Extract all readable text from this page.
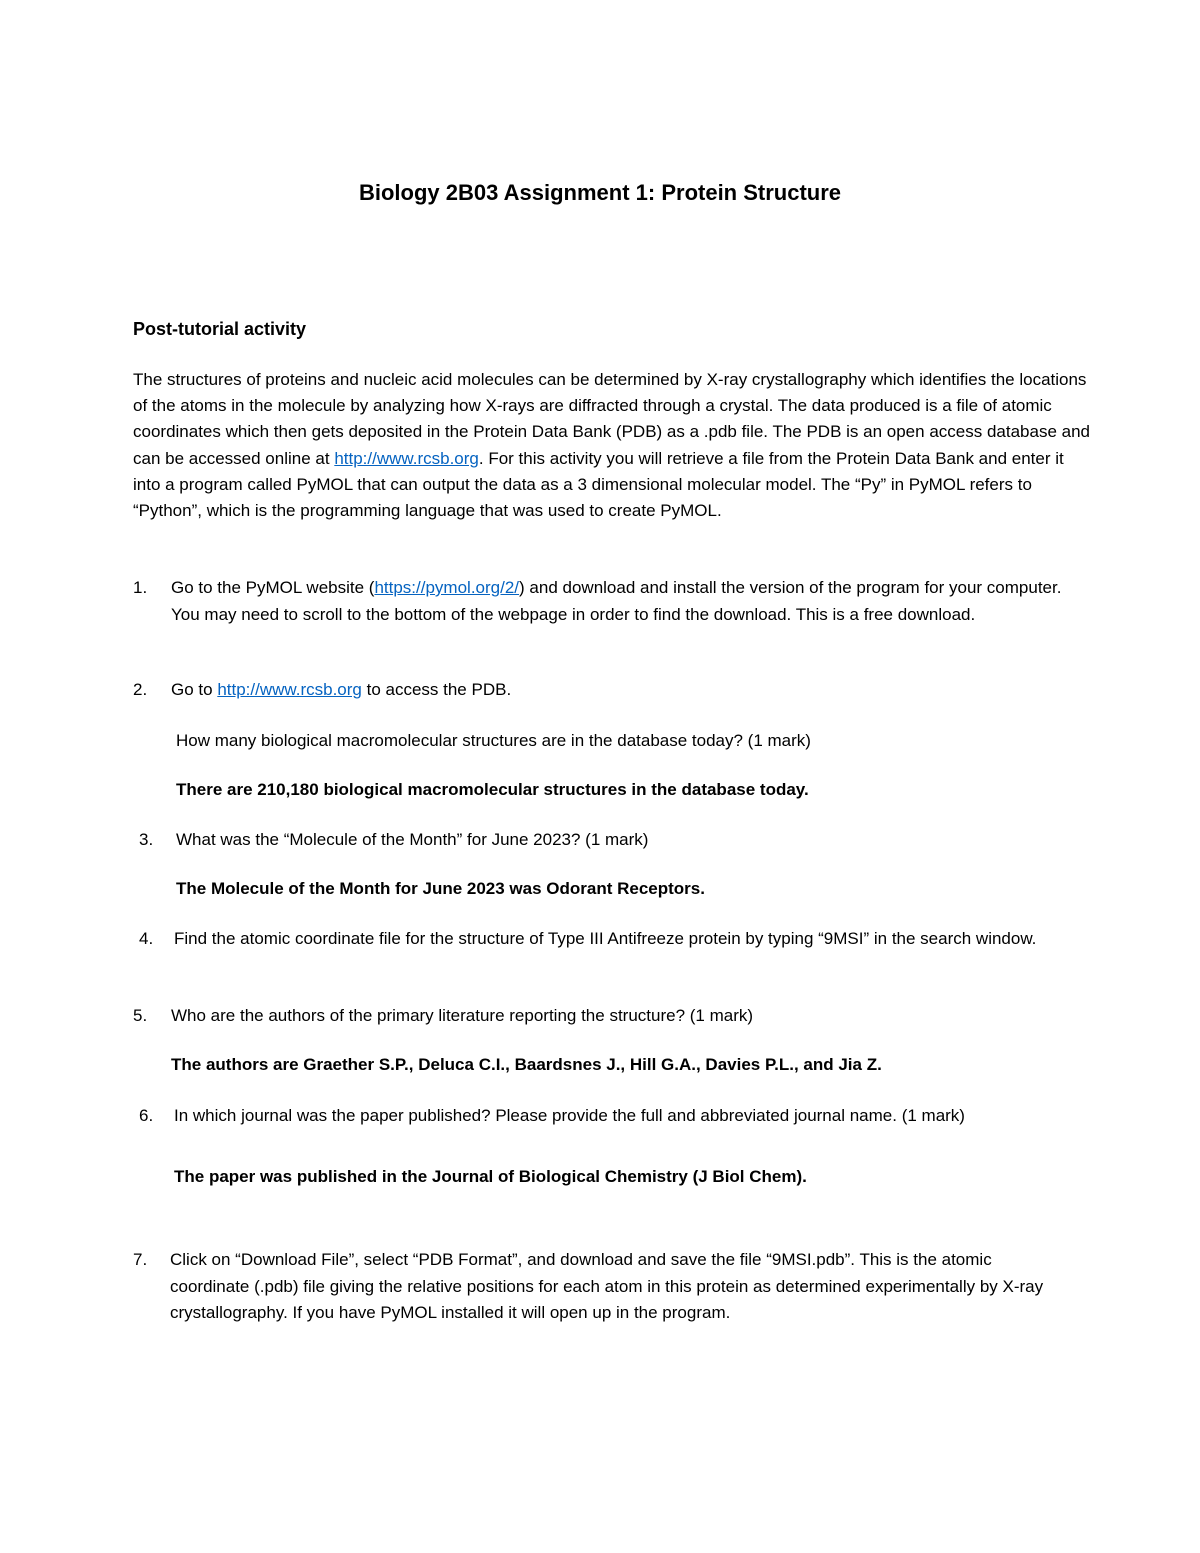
Biology 2B03 Assignment 1: Protein Structure
Post-tutorial activity
The structures of proteins and nucleic acid molecules can be determined by X-ray crystallography which identifies the locations of the atoms in the molecule by analyzing how X-rays are diffracted through a crystal. The data produced is a file of atomic coordinates which then gets deposited in the Protein Data Bank (PDB) as a .pdb file. The PDB is an open access database and can be accessed online at http://www.rcsb.org. For this activity you will retrieve a file from the Protein Data Bank and enter it into a program called PyMOL that can output the data as a 3 dimensional molecular model. The “Py” in PyMOL refers to “Python”, which is the programming language that was used to create PyMOL.
1. Go to the PyMOL website (https://pymol.org/2/) and download and install the version of the program for your computer. You may need to scroll to the bottom of the webpage in order to find the download. This is a free download.
2. Go to http://www.rcsb.org to access the PDB.
How many biological macromolecular structures are in the database today? (1 mark)
There are 210,180 biological macromolecular structures in the database today.
3. What was the “Molecule of the Month” for June 2023? (1 mark)
The Molecule of the Month for June 2023 was Odorant Receptors.
4. Find the atomic coordinate file for the structure of Type III Antifreeze protein by typing “9MSI” in the search window.
5. Who are the authors of the primary literature reporting the structure? (1 mark)
The authors are Graether S.P., Deluca C.I., Baardsnes J., Hill G.A., Davies P.L., and Jia Z.
6. In which journal was the paper published? Please provide the full and abbreviated journal name. (1 mark)
The paper was published in the Journal of Biological Chemistry (J Biol Chem).
7. Click on “Download File”, select “PDB Format”, and download and save the file “9MSI.pdb”. This is the atomic coordinate (.pdb) file giving the relative positions for each atom in this protein as determined experimentally by X-ray crystallography. If you have PyMOL installed it will open up in the program.
